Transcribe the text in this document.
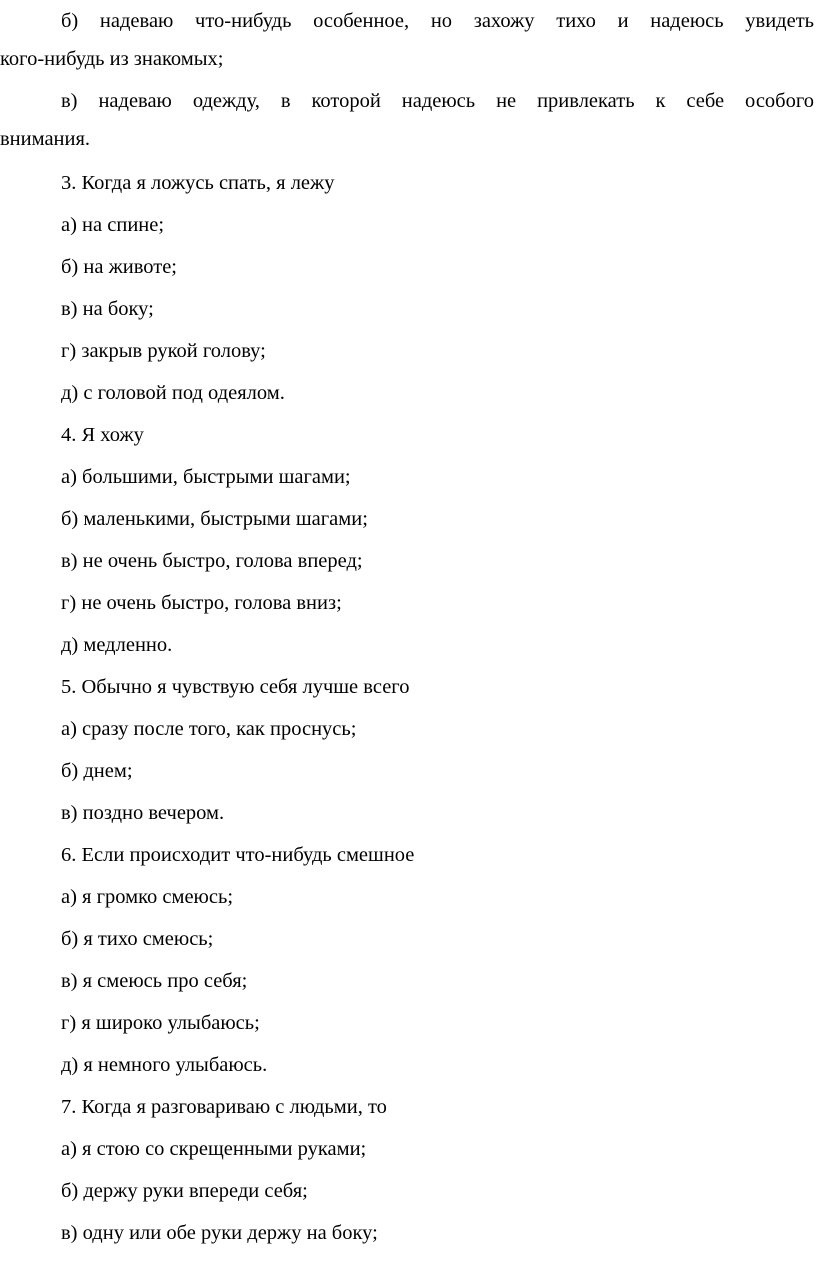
б) надеваю что-нибудь особенное, но захожу тихо и надеюсь увидеть

кого-нибудь из знакомых;

в) надеваю одежду, в которой надеюсь не привлекать к себе особого

внимания.

3. Когда я ложусь спать, я лежу

а) на спине;

б) на животе;

в) на боку;

г) закрыв рукой голову;

д) с головой под одеялом.

4. Я хожу

а) большими, быстрыми шагами;

б) маленькими, быстрыми шагами;

в) не очень быстро, голова вперед;

г) не очень быстро, голова вниз;

д) медленно.

5. Обычно я чувствую себя лучше всего

а) сразу после того, как проснусь;

б) днем;

в) поздно вечером.

6. Если происходит что-нибудь смешное

а) я громко смеюсь;

б) я тихо смеюсь;

в) я смеюсь про себя;

г) я широко улыбаюсь;

д) я немного улыбаюсь.

7. Когда я разговариваю с людьми, то

а) я стою со скрещенными руками;

б) держу руки впереди себя;

в) одну или обе руки держу на боку;
